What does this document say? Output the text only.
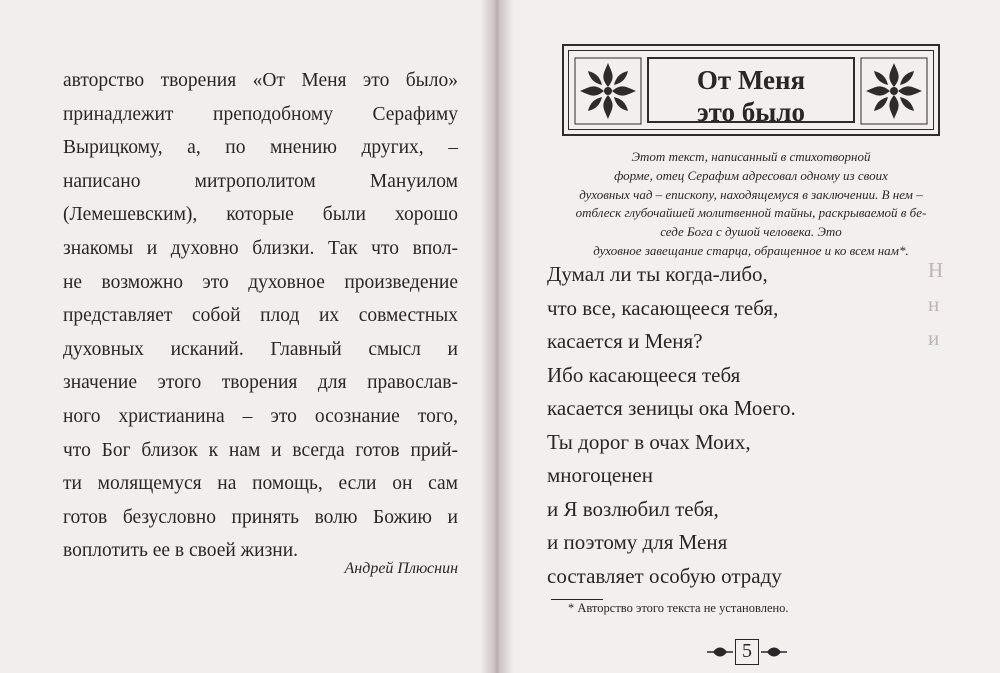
Н
н
и
авторство творения «От Меня это было»
принадлежит преподобному Серафиму
Вырицкому, а, по мнению других, –
написано митрополитом Мануилом
(Лемешевским), которые были хорошо
знакомы и духовно близки. Так что впол-
не возможно это духовное произведение
представляет собой плод их совместных
духовных исканий. Главный смысл и
значение этого творения для православ-
ного христианина – это осознание того,
что Бог близок к нам и всегда готов прий-
ти молящемуся на помощь, если он сам
готов безусловно принять волю Божию и
воплотить ее в своей жизни.
Андрей Плюснин
От Меня
это было
Этот текст, написанный в стихотворной
форме, отец Серафим адресовал одному из своих
духовных чад – епископу, находящемуся в заключении. В нем –
отблеск глубочайшей молитвенной тайны, раскрываемой в бе-
седе Бога с душой человека. Это
духовное завещание старца, обращенное и ко всем нам*.
Думал ли ты когда-либо,
что все, касающееся тебя,
касается и Меня?
Ибо касающееся тебя
касается зеницы ока Моего.
Ты дорог в очах Моих,
многоценен
и Я возлюбил тебя,
и поэтому для Меня
составляет особую отраду
* Авторство этого текста не установлено.
5
